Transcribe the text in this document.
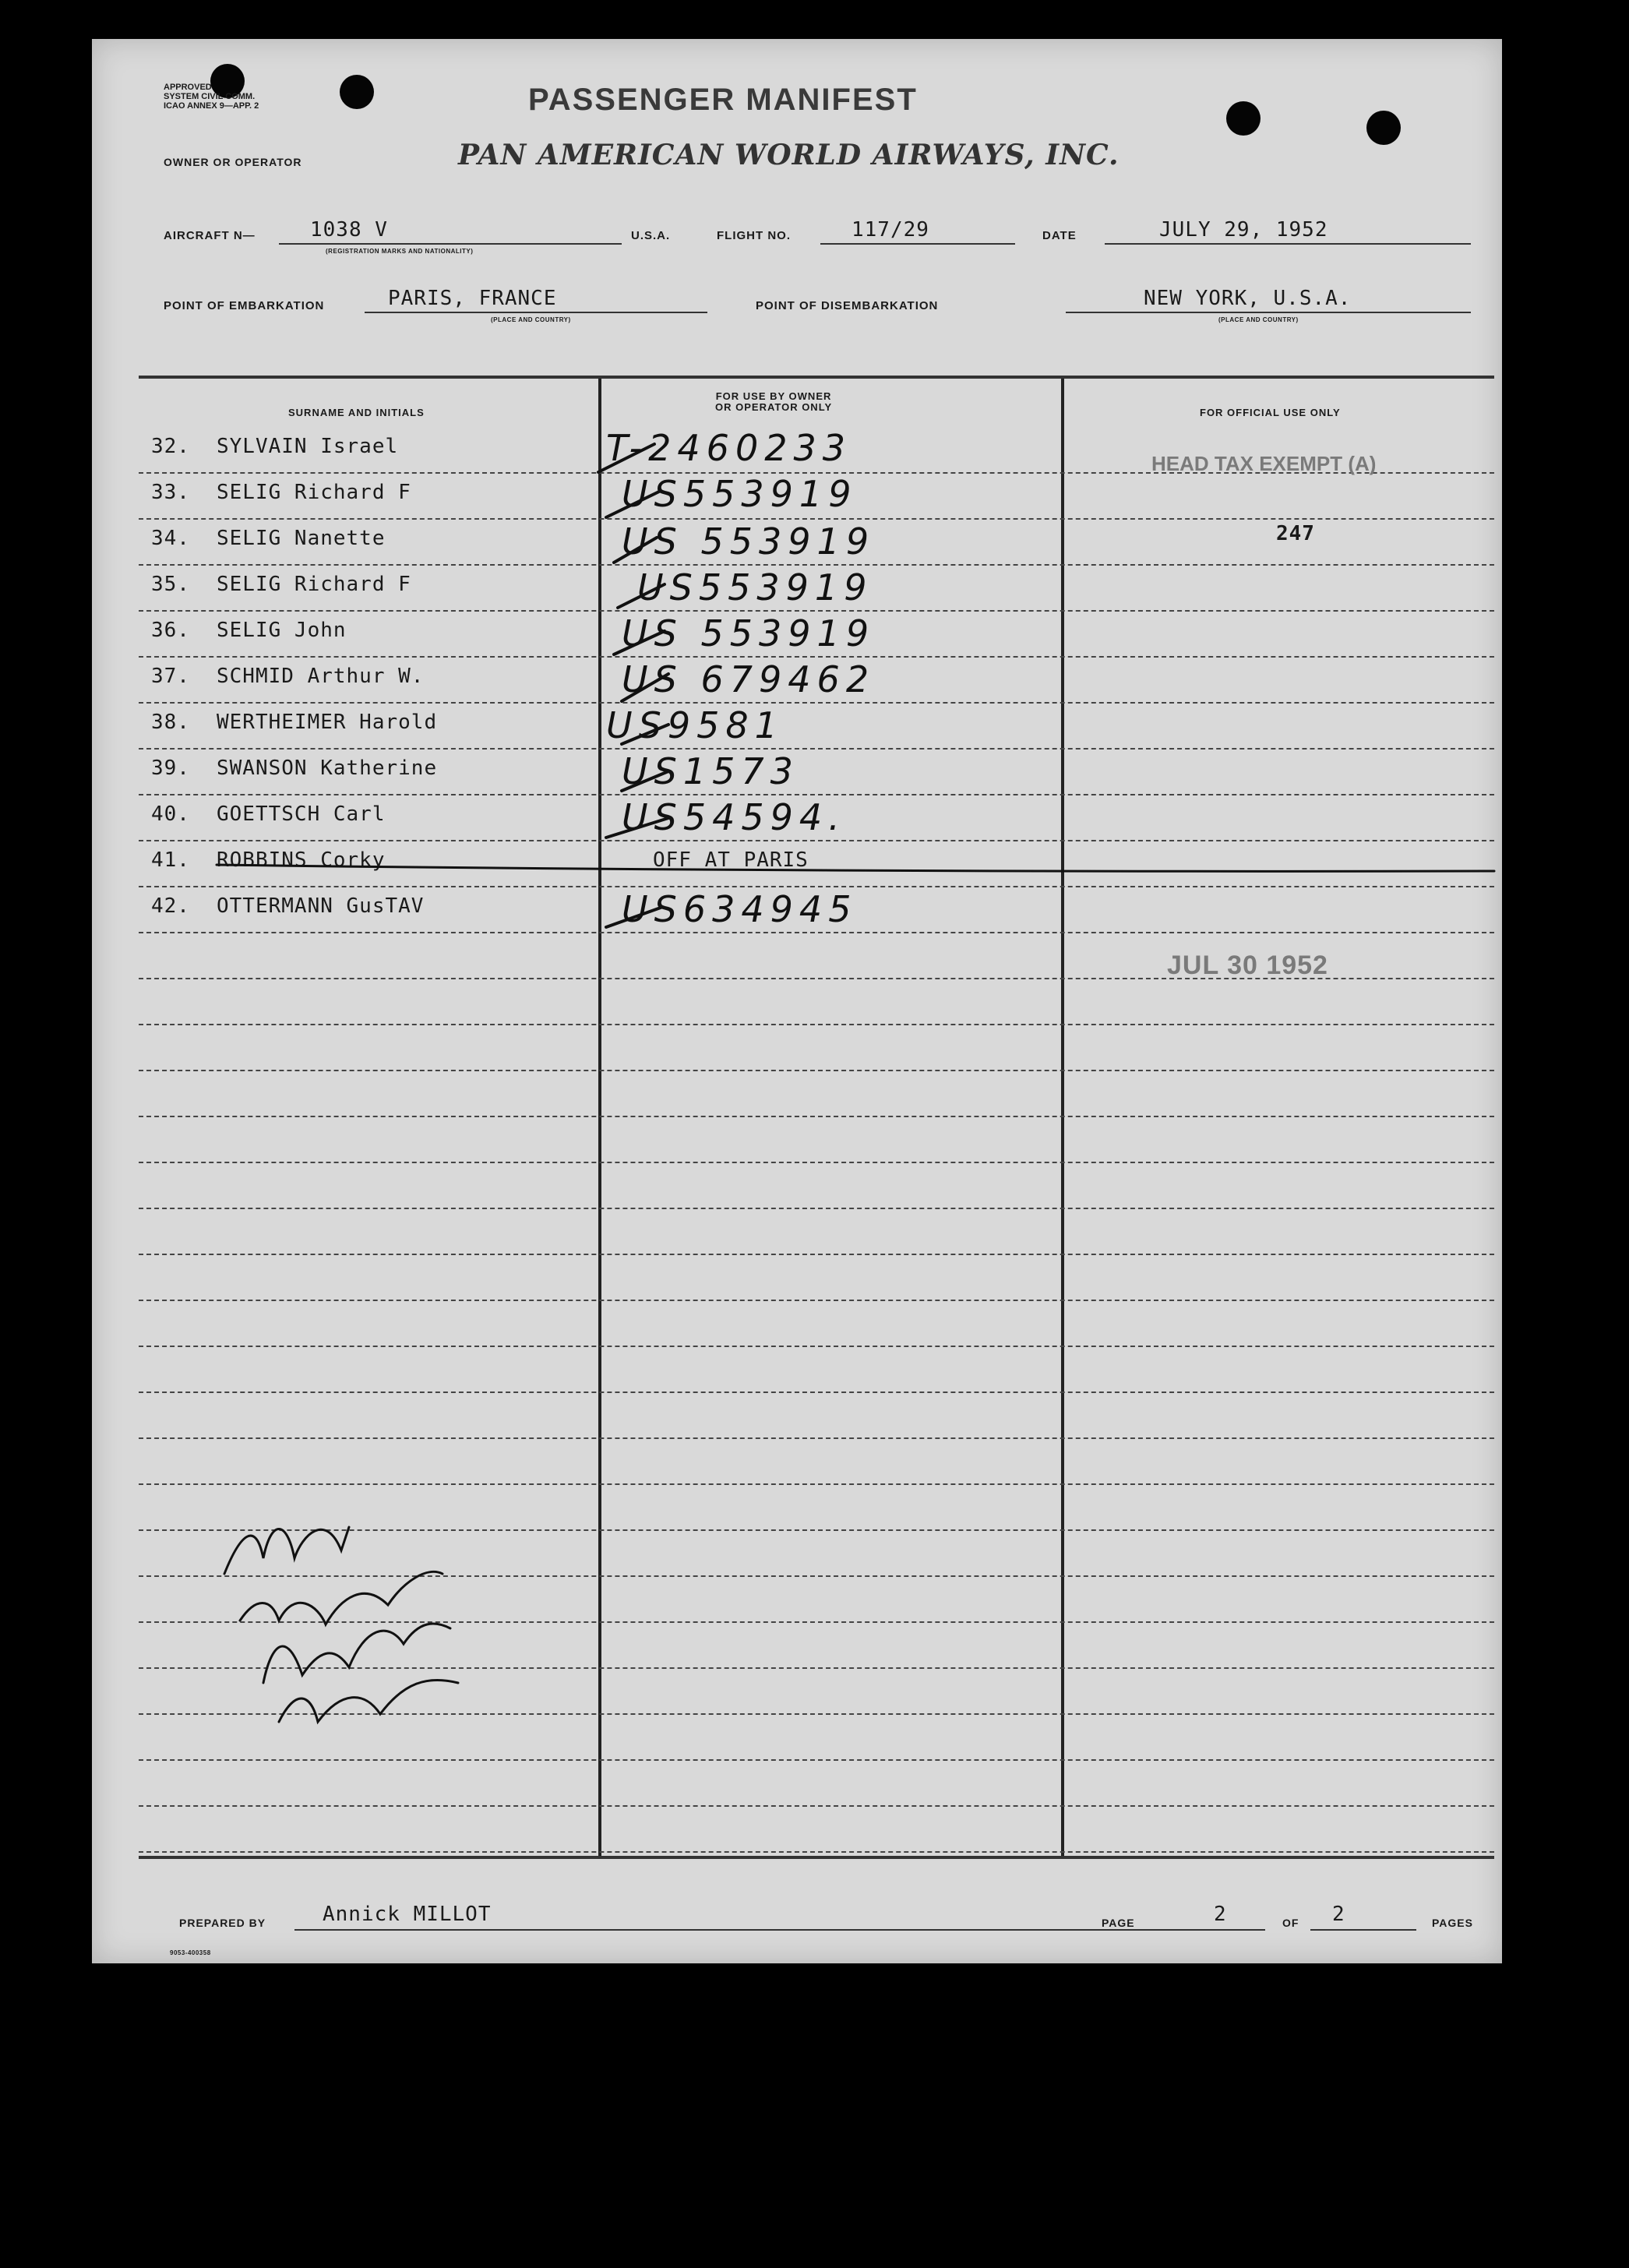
APPROVED
SYSTEM CIVIL COMM.
ICAO ANNEX 9—APP. 2	PASSENGER MANIFEST
OWNER OR OPERATOR	PAN AMERICAN WORLD AIRWAYS, INC.
AIRCRAFT N—	1038 V
(REGISTRATION MARKS AND NATIONALITY)
U.S.A.	FLIGHT NO.	117/29	DATE	JULY 29, 1952
POINT OF EMBARKATION	PARIS, FRANCE
(PLACE AND COUNTRY)
POINT OF DISEMBARKATION	NEW YORK, U.S.A.
(PLACE AND COUNTRY)
SURNAME AND INITIALS
FOR USE BY OWNER
OR OPERATOR ONLY	FOR OFFICIAL USE ONLY
32. SYLVAIN Israel	T-2460233
33. SELIG Richard F	US553919
34. SELIG Nanette	US 553919
35. SELIG Richard F	US553919
36. SELIG John	US 553919
37. SCHMID Arthur W.	US 679462
38. WERTHEIMER Harold	US9581
39. SWANSON Katherine	US1573
40. GOETTSCH Carl	US54594.
41. ROBBINS Corky	OFF AT PARIS
42. OTTERMANN GusTAV	US634945
HEAD TAX EXEMPT (A)
247
JUL 30 1952
PREPARED BY	Annick MILLOT	PAGE	2	OF 2	PAGES
9053-400358
